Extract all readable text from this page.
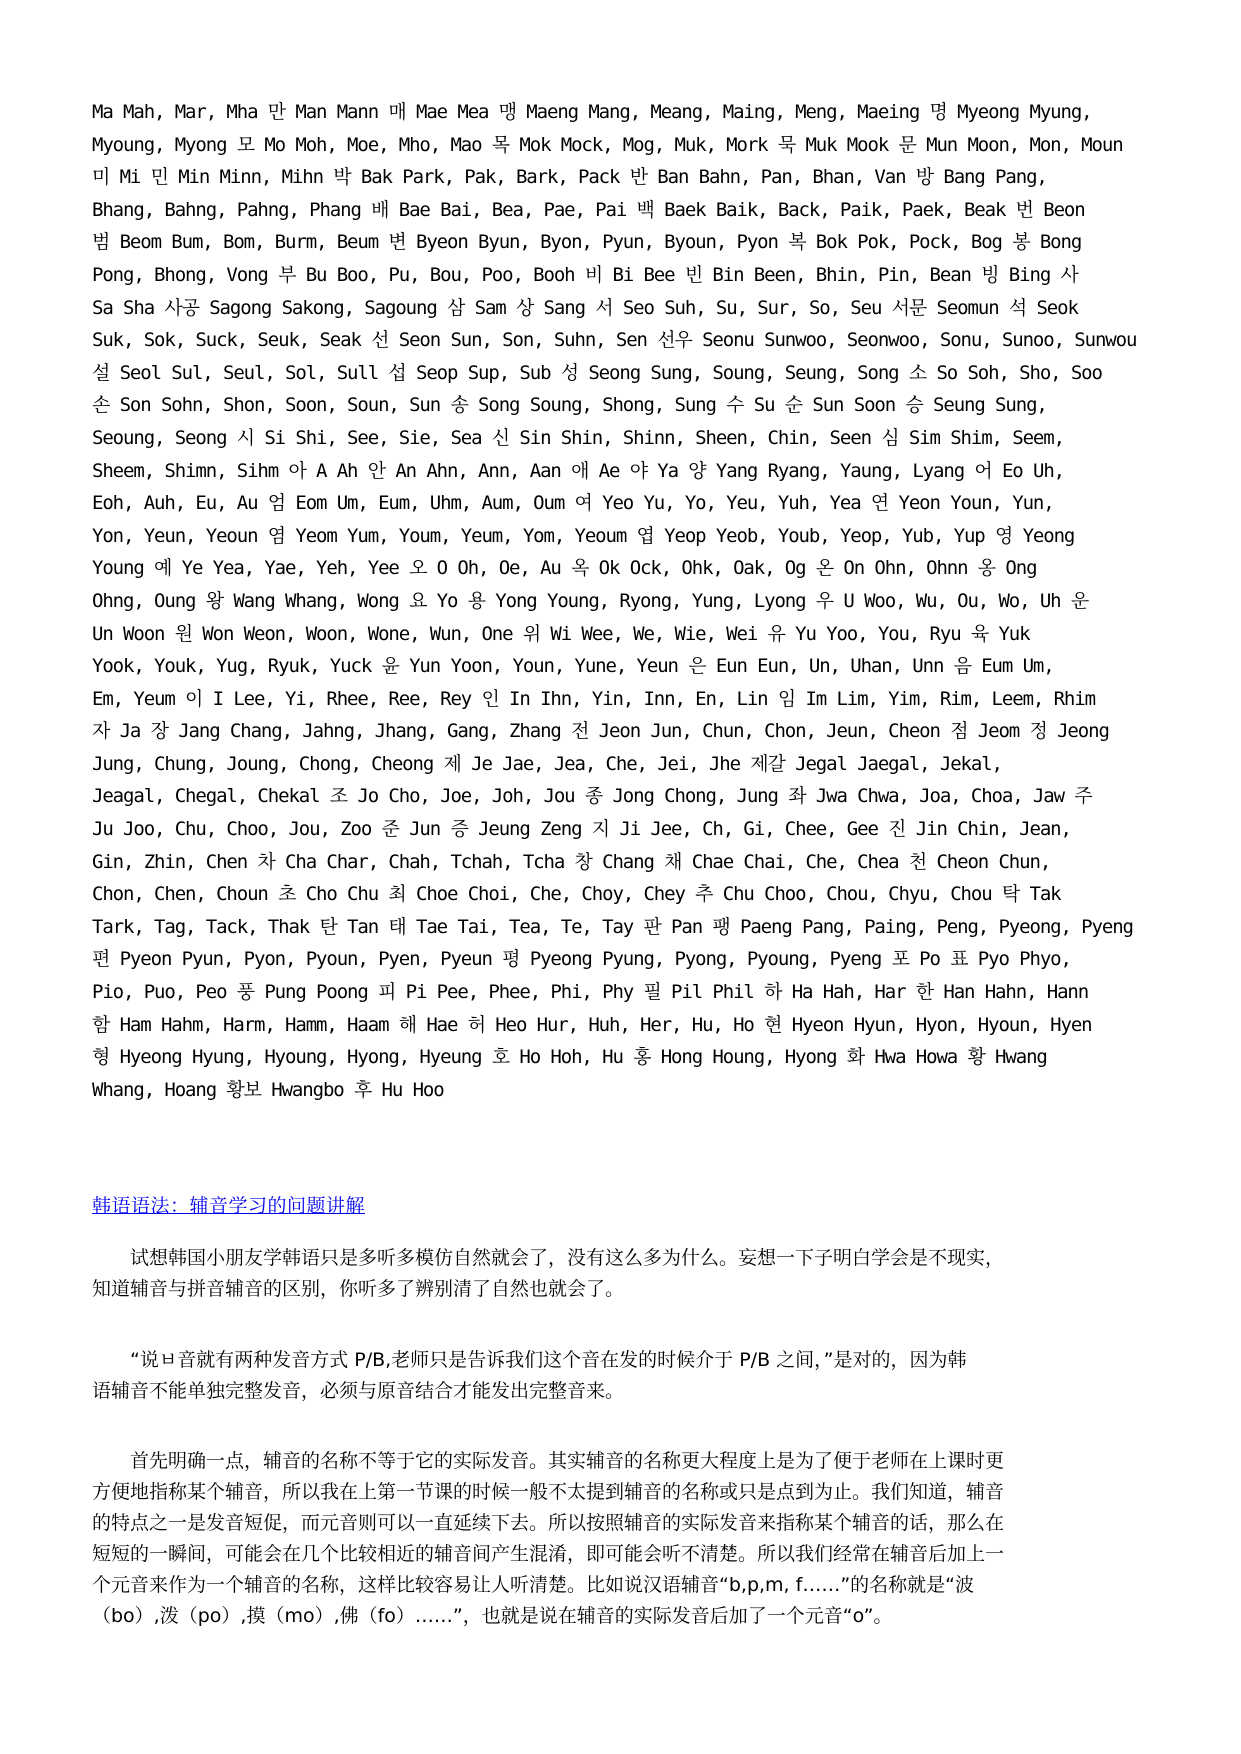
Ma Mah, Mar, Mha 만 Man Mann 매 Mae Mea 맹 Maeng Mang, Meang, Maing, Meng, Maeing 명 Myeong Myung,
Myoung, Myong 모 Mo Moh, Moe, Mho, Mao 목 Mok Mock, Mog, Muk, Mork 묵 Muk Mook 문 Mun Moon, Mon, Moun
미 Mi 민 Min Minn, Mihn 박 Bak Park, Pak, Bark, Pack 반 Ban Bahn, Pan, Bhan, Van 방 Bang Pang,
Bhang, Bahng, Pahng, Phang 배 Bae Bai, Bea, Pae, Pai 백 Baek Baik, Back, Paik, Paek, Beak 번 Beon
범 Beom Bum, Bom, Burm, Beum 변 Byeon Byun, Byon, Pyun, Byoun, Pyon 복 Bok Pok, Pock, Bog 봉 Bong
Pong, Bhong, Vong 부 Bu Boo, Pu, Bou, Poo, Booh 비 Bi Bee 빈 Bin Been, Bhin, Pin, Bean 빙 Bing 사
Sa Sha 사공 Sagong Sakong, Sagoung 삼 Sam 상 Sang 서 Seo Suh, Su, Sur, So, Seu 서문 Seomun 석 Seok
Suk, Sok, Suck, Seuk, Seak 선 Seon Sun, Son, Suhn, Sen 선우 Seonu Sunwoo, Seonwoo, Sonu, Sunoo, Sunwou
설 Seol Sul, Seul, Sol, Sull 섭 Seop Sup, Sub 성 Seong Sung, Soung, Seung, Song 소 So Soh, Sho, Soo
손 Son Sohn, Shon, Soon, Soun, Sun 송 Song Soung, Shong, Sung 수 Su 순 Sun Soon 승 Seung Sung,
Seoung, Seong 시 Si Shi, See, Sie, Sea 신 Sin Shin, Shinn, Sheen, Chin, Seen 심 Sim Shim, Seem,
Sheem, Shimn, Sihm 아 A Ah 안 An Ahn, Ann, Aan 애 Ae 야 Ya 양 Yang Ryang, Yaung, Lyang 어 Eo Uh,
Eoh, Auh, Eu, Au 엄 Eom Um, Eum, Uhm, Aum, Oum 여 Yeo Yu, Yo, Yeu, Yuh, Yea 연 Yeon Youn, Yun,
Yon, Yeun, Yeoun 염 Yeom Yum, Youm, Yeum, Yom, Yeoum 엽 Yeop Yeob, Youb, Yeop, Yub, Yup 영 Yeong
Young 예 Ye Yea, Yae, Yeh, Yee 오 O Oh, Oe, Au 옥 Ok Ock, Ohk, Oak, Og 온 On Ohn, Ohnn 옹 Ong
Ohng, Oung 왕 Wang Whang, Wong 요 Yo 용 Yong Young, Ryong, Yung, Lyong 우 U Woo, Wu, Ou, Wo, Uh 운
Un Woon 원 Won Weon, Woon, Wone, Wun, One 위 Wi Wee, We, Wie, Wei 유 Yu Yoo, You, Ryu 육 Yuk
Yook, Youk, Yug, Ryuk, Yuck 윤 Yun Yoon, Youn, Yune, Yeun 은 Eun Eun, Un, Uhan, Unn 음 Eum Um,
Em, Yeum 이 I Lee, Yi, Rhee, Ree, Rey 인 In Ihn, Yin, Inn, En, Lin 임 Im Lim, Yim, Rim, Leem, Rhim
자 Ja 장 Jang Chang, Jahng, Jhang, Gang, Zhang 전 Jeon Jun, Chun, Chon, Jeun, Cheon 점 Jeom 정 Jeong
Jung, Chung, Joung, Chong, Cheong 제 Je Jae, Jea, Che, Jei, Jhe 제갈 Jegal Jaegal, Jekal,
Jeagal, Chegal, Chekal 조 Jo Cho, Joe, Joh, Jou 종 Jong Chong, Jung 좌 Jwa Chwa, Joa, Choa, Jaw 주
Ju Joo, Chu, Choo, Jou, Zoo 준 Jun 증 Jeung Zeng 지 Ji Jee, Ch, Gi, Chee, Gee 진 Jin Chin, Jean,
Gin, Zhin, Chen 차 Cha Char, Chah, Tchah, Tcha 창 Chang 채 Chae Chai, Che, Chea 천 Cheon Chun,
Chon, Chen, Choun 초 Cho Chu 최 Choe Choi, Che, Choy, Chey 추 Chu Choo, Chou, Chyu, Chou 탁 Tak
Tark, Tag, Tack, Thak 탄 Tan 태 Tae Tai, Tea, Te, Tay 판 Pan 팽 Paeng Pang, Paing, Peng, Pyeong, Pyeng
편 Pyeon Pyun, Pyon, Pyoun, Pyen, Pyeun 평 Pyeong Pyung, Pyong, Pyoung, Pyeng 포 Po 표 Pyo Phyo,
Pio, Puo, Peo 풍 Pung Poong 피 Pi Pee, Phee, Phi, Phy 필 Pil Phil 하 Ha Hah, Har 한 Han Hahn, Hann
함 Ham Hahm, Harm, Hamm, Haam 해 Hae 허 Heo Hur, Huh, Her, Hu, Ho 현 Hyeon Hyun, Hyon, Hyoun, Hyen
형 Hyeong Hyung, Hyoung, Hyong, Hyeung 호 Ho Hoh, Hu 홍 Hong Houng, Hyong 화 Hwa Howa 황 Hwang
Whang, Hoang 황보 Hwangbo 후 Hu Hoo
韩语语法：辅音学习的问题讲解
　　试想韩国小朋友学韩语只是多听多模仿自然就会了，没有这么多为什么。妄想一下子明白学会是不现实，
知道辅音与拼音辅音的区别，你听多了辨别清了自然也就会了。
　　“说ㅂ音就有两种发音方式 P/B,老师只是告诉我们这个音在发的时候介于 P/B 之间，”是对的，因为韩
语辅音不能单独完整发音，必须与原音结合才能发出完整音来。
　　首先明确一点，辅音的名称不等于它的实际发音。其实辅音的名称更大程度上是为了便于老师在上课时更
方便地指称某个辅音，所以我在上第一节课的时候一般不太提到辅音的名称或只是点到为止。我们知道，辅音
的特点之一是发音短促，而元音则可以一直延续下去。所以按照辅音的实际发音来指称某个辅音的话，那么在
短短的一瞬间，可能会在几个比较相近的辅音间产生混淆，即可能会听不清楚。所以我们经常在辅音后加上一
个元音来作为一个辅音的名称，这样比较容易让人听清楚。比如说汉语辅音“b,p,m, f……”的名称就是“波
（bo）,泼（po）,摸（mo）,佛（fo）……”，也就是说在辅音的实际发音后加了一个元音“o”。
